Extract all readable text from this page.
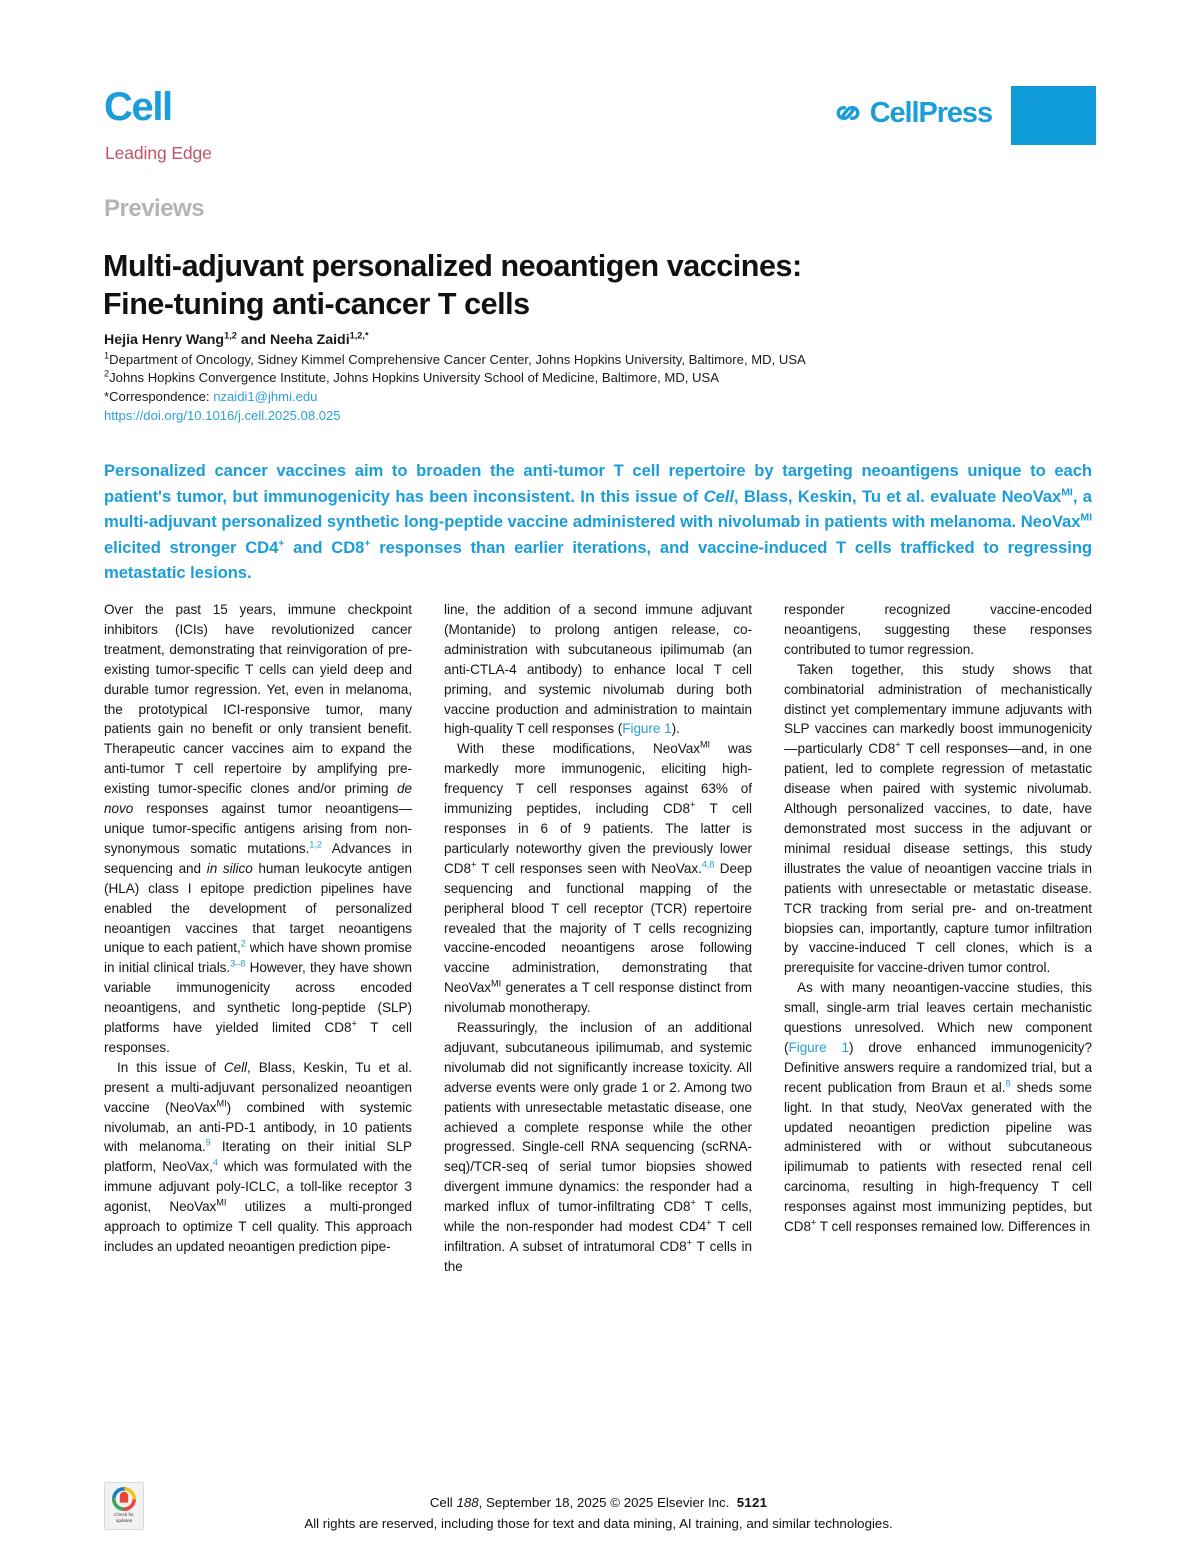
Cell
Leading Edge
CellPress
Previews
Multi-adjuvant personalized neoantigen vaccines:
Fine-tuning anti-cancer T cells
Hejia Henry Wang$^{1,2}$ and Neeha Zaidi$^{1,2,*}$
$^1$Department of Oncology, Sidney Kimmel Comprehensive Cancer Center, Johns Hopkins University, Baltimore, MD, USA
$^2$Johns Hopkins Convergence Institute, Johns Hopkins University School of Medicine, Baltimore, MD, USA
*Correspondence: nzaidi1@jhmi.edu
https://doi.org/10.1016/j.cell.2025.08.025
Personalized cancer vaccines aim to broaden the anti-tumor T cell repertoire by targeting neoantigens unique to each patient's tumor, but immunogenicity has been inconsistent. In this issue of Cell, Blass, Keskin, Tu et al. evaluate NeoVax$^{MI}$, a multi-adjuvant personalized synthetic long-peptide vaccine administered with nivolumab in patients with melanoma. NeoVax$^{MI}$ elicited stronger CD4+ and CD8+ responses than earlier iterations, and vaccine-induced T cells trafficked to regressing metastatic lesions.

Over the past 15 years, immune checkpoint inhibitors (ICIs) have revolutionized cancer treatment, demonstrating that reinvigoration of pre-existing tumor-specific T cells can yield deep and durable tumor regression. Yet, even in melanoma, the prototypical ICI-responsive tumor, many patients gain no benefit or only transient benefit. Therapeutic cancer vaccines aim to expand the anti-tumor T cell repertoire by amplifying pre-existing tumor-specific clones and/or priming de novo responses against tumor neoantigens—unique tumor-specific antigens arising from non-synonymous somatic mutations.$^{1,2}$ Advances in sequencing and in silico human leukocyte antigen (HLA) class I epitope prediction pipelines have enabled the development of personalized neoantigen vaccines that target neoantigens unique to each patient,$^2$ which have shown promise in initial clinical trials.$^{3-8}$ However, they have shown variable immunogenicity across encoded neoantigens, and synthetic long-peptide (SLP) platforms have yielded limited CD8+ T cell responses.

In this issue of Cell, Blass, Keskin, Tu et al. present a multi-adjuvant personalized neoantigen vaccine (NeoVax$^{MI}$) combined with systemic nivolumab, an anti-PD-1 antibody, in 10 patients with melanoma.$^9$ Iterating on their initial SLP platform, NeoVax,$^4$ which was formulated with the immune adjuvant poly-ICLC, a toll-like receptor 3 agonist, NeoVax$^{MI}$ utilizes a multi-pronged approach to optimize T cell quality. This approach includes an updated neoantigen prediction pipe-

line, the addition of a second immune adjuvant (Montanide) to prolong antigen release, co-administration with subcutaneous ipilimumab (an anti-CTLA-4 antibody) to enhance local T cell priming, and systemic nivolumab during both vaccine production and administration to maintain high-quality T cell responses (Figure 1).

With these modifications, NeoVax$^{MI}$ was markedly more immunogenic, eliciting high-frequency T cell responses against 63% of immunizing peptides, including CD8+ T cell responses in 6 of 9 patients. The latter is particularly noteworthy given the previously lower CD8+ T cell responses seen with NeoVax.$^{4,8}$ Deep sequencing and functional mapping of the peripheral blood T cell receptor (TCR) repertoire revealed that the majority of T cells recognizing vaccine-encoded neoantigens arose following vaccine administration, demonstrating that NeoVax$^{MI}$ generates a T cell response distinct from nivolumab monotherapy.

Reassuringly, the inclusion of an additional adjuvant, subcutaneous ipilimumab, and systemic nivolumab did not significantly increase toxicity. All adverse events were only grade 1 or 2. Among two patients with unresectable metastatic disease, one achieved a complete response while the other progressed. Single-cell RNA sequencing (scRNA-seq)/TCR-seq of serial tumor biopsies showed divergent immune dynamics: the responder had a marked influx of tumor-infiltrating CD8+ T cells, while the non-responder had modest CD4+ T cell infiltration. A subset of intratumoral CD8+ T cells in the

responder recognized vaccine-encoded neoantigens, suggesting these responses contributed to tumor regression.

Taken together, this study shows that combinatorial administration of mechanistically distinct yet complementary immune adjuvants with SLP vaccines can markedly boost immunogenicity—particularly CD8+ T cell responses—and, in one patient, led to complete regression of metastatic disease when paired with systemic nivolumab. Although personalized vaccines, to date, have demonstrated most success in the adjuvant or minimal residual disease settings, this study illustrates the value of neoantigen vaccine trials in patients with unresectable or metastatic disease. TCR tracking from serial pre- and on-treatment biopsies can, importantly, capture tumor infiltration by vaccine-induced T cell clones, which is a prerequisite for vaccine-driven tumor control.

As with many neoantigen-vaccine studies, this small, single-arm trial leaves certain mechanistic questions unresolved. Which new component (Figure 1) drove enhanced immunogenicity? Definitive answers require a randomized trial, but a recent publication from Braun et al.$^8$ sheds some light. In that study, NeoVax generated with the updated neoantigen prediction pipeline was administered with or without subcutaneous ipilimumab to patients with resected renal cell carcinoma, resulting in high-frequency T cell responses against most immunizing peptides, but CD8+ T cell responses remained low. Differences in

Check for
updates
Cell 188, September 18, 2025 © 2025 Elsevier Inc. 5121
All rights are reserved, including those for text and data mining, AI training, and similar technologies.
